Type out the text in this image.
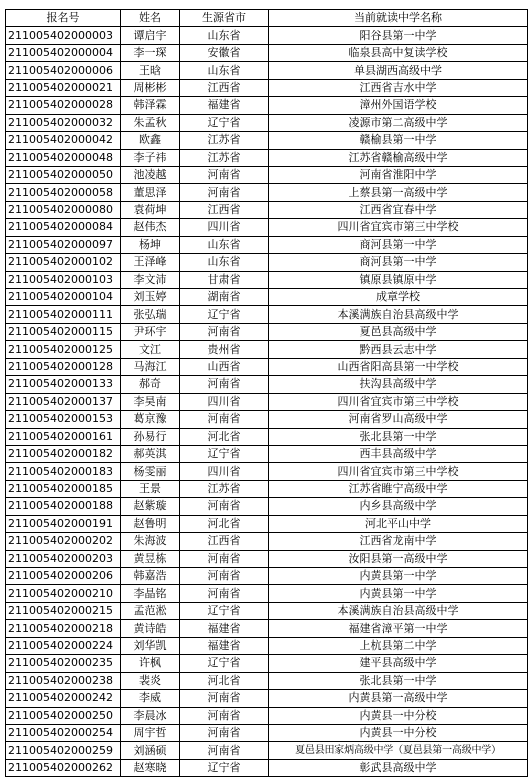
报名号	姓名	生源省市	当前就读中学名称
211005402000003	谭启宇	山东省	阳谷县第一中学
211005402000004	李一琛	安徽省	临泉县高中复读学校
211005402000006	王晗	山东省	单县湖西高级中学
211005402000021	周彬彬	江西省	江西省吉水中学
211005402000028	韩泽霖	福建省	漳州外国语学校
211005402000032	朱孟秋	辽宁省	凌源市第二高级中学
211005402000042	欧鑫	江苏省	赣榆县第一中学
211005402000048	李子祎	江苏省	江苏省赣榆高级中学
211005402000050	池凌越	河南省	河南省淮阳中学
211005402000058	董思泽	河南省	上蔡县第一高级中学
211005402000080	袁荷坤	江西省	江西省宜春中学
211005402000084	赵伟杰	四川省	四川省宜宾市第三中学校
211005402000097	杨坤	山东省	商河县第一中学
211005402000102	王泽峰	山东省	商河县第一中学
211005402000103	李文沛	甘肃省	镇原县镇原中学
211005402000104	刘玉婷	湖南省	成章学校
211005402000111	张弘瑞	辽宁省	本溪满族自治县高级中学
211005402000115	尹环宇	河南省	夏邑县高级中学
211005402000125	文江	贵州省	黔西县云志中学
211005402000128	马海江	山西省	山西省阳高县第一中学校
211005402000133	郝奇	河南省	扶沟县高级中学
211005402000137	李昊南	四川省	四川省宜宾市第三中学校
211005402000153	葛京豫	河南省	河南省罗山高级中学
211005402000161	孙易行	河北省	张北县第一中学
211005402000182	郝英淇	辽宁省	西丰县高级中学
211005402000183	杨雯丽	四川省	四川省宜宾市第三中学校
211005402000185	王景	江苏省	江苏省睢宁高级中学
211005402000188	赵紫璇	河南省	内乡县高级中学
211005402000191	赵鲁明	河北省	河北平山中学
211005402000202	朱海波	江西省	江西省龙南中学
211005402000203	黄昱栋	河南省	汝阳县第一高级中学
211005402000206	韩嘉浩	河南省	内黄县第一中学
211005402000210	李晶铭	河南省	内黄县第一中学
211005402000215	孟范淞	辽宁省	本溪满族自治县高级中学
211005402000218	黄诗皓	福建省	福建省漳平第一中学
211005402000224	刘华凯	福建省	上杭县第二中学
211005402000235	许枫	辽宁省	建平县高级中学
211005402000238	裴炎	河北省	张北县第一中学
211005402000242	李威	河南省	内黄县第一高级中学
211005402000250	李晨冰	河南省	内黄县一中分校
211005402000254	周宇哲	河南省	内黄县一中分校
211005402000259	刘涵硕	河南省	夏邑县田家炳高级中学（夏邑县第一高级中学）
211005402000262	赵寒晓	辽宁省	彰武县高级中学
